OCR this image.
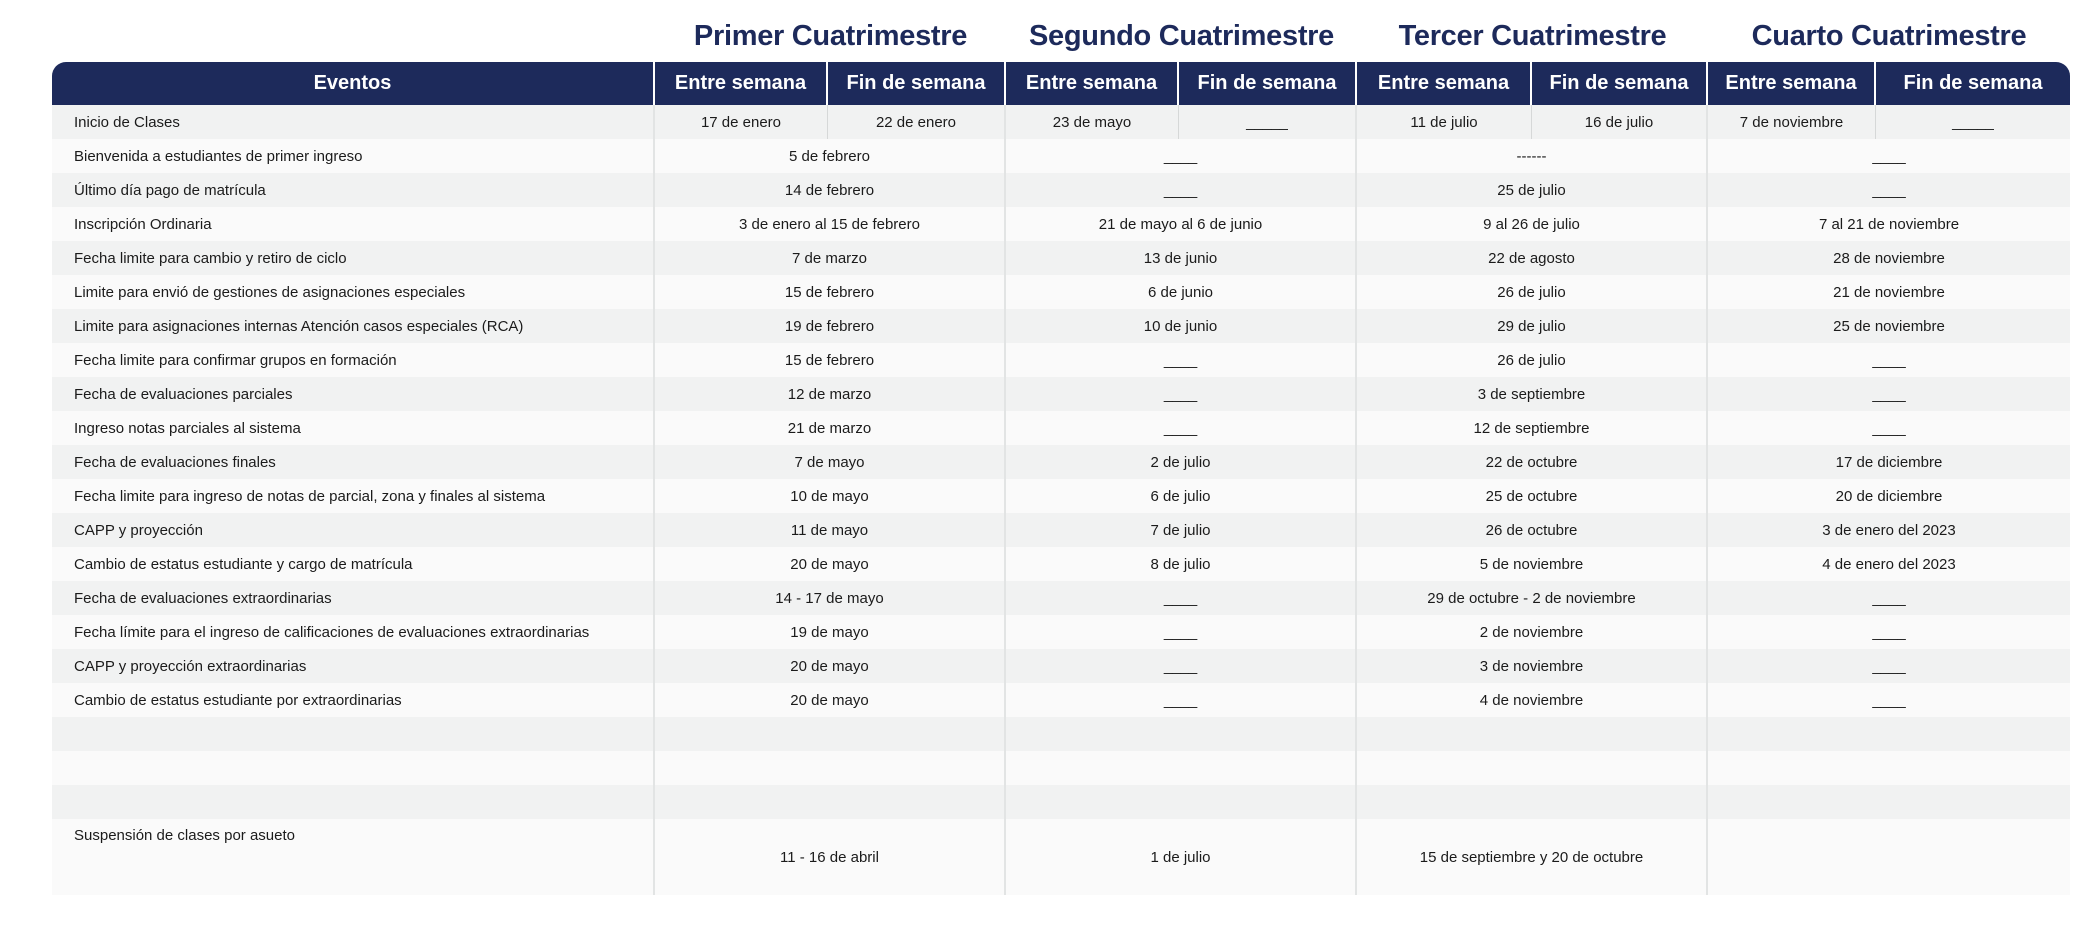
Primer Cuatrimestre	Segundo Cuatrimestre	Tercer Cuatrimestre	Cuarto Cuatrimestre
Eventos	Entre semana	Fin de semana	Entre semana	Fin de semana	Entre semana	Fin de semana	Entre semana	Fin de semana
Inicio de Clases	17 de enero	22 de enero	23 de mayo	_____	11 de julio	16 de julio	7 de noviembre	_____
Bienvenida a estudiantes de primer ingreso	5 de febrero		____		------		____	
Último día pago de matrícula	14 de febrero		____		25 de julio		____	
Inscripción Ordinaria	3 de enero al 15 de febrero		21 de mayo al 6 de junio		9 al 26 de julio		7 al 21 de noviembre	
Fecha limite para cambio y retiro de ciclo	7 de marzo		13 de junio		22 de agosto		28 de noviembre	
Limite para envió de gestiones de asignaciones especiales	15 de febrero		6 de junio		26 de julio		21 de noviembre	
Limite para asignaciones internas Atención casos especiales (RCA)	19 de febrero		10 de junio		29 de julio		25 de noviembre	
Fecha limite para confirmar grupos en formación	15 de febrero		____		26 de julio		____	
Fecha de evaluaciones parciales	12 de marzo		____		3 de septiembre		____	
Ingreso notas parciales al sistema	21 de marzo		____		12 de septiembre		____	
Fecha de evaluaciones finales	7 de mayo		2 de julio		22 de octubre		17 de diciembre	
Fecha limite para ingreso de notas de parcial, zona y finales al sistema	10 de mayo		6 de julio		25 de octubre		20 de diciembre	
CAPP y proyección	11 de mayo		7 de julio		26 de octubre		3 de enero del 2023	
Cambio de estatus estudiante y cargo de matrícula	20 de mayo		8 de julio		5 de noviembre		4 de enero del 2023	
Fecha de evaluaciones extraordinarias	14 - 17 de mayo		____		29 de octubre - 2 de noviembre		____	
Fecha límite para el ingreso de calificaciones de evaluaciones extraordinarias	19 de mayo		____		2 de noviembre		____	
CAPP y proyección extraordinarias	20 de mayo		____		3 de noviembre		____	
Cambio de estatus estudiante por extraordinarias	20 de mayo		____		4 de noviembre		____	

Suspensión de clases por asueto	11 - 16 de abril		1 de julio		15 de septiembre y 20 de octubre			
